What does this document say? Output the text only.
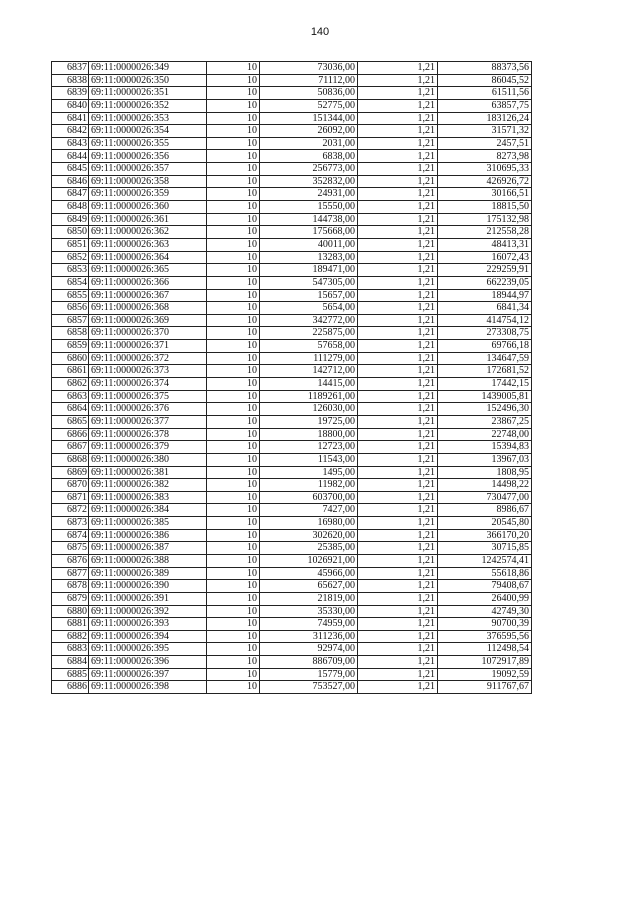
140
6837	69:11:0000026:349	10	73036,00	1,21	88373,56
6838	69:11:0000026:350	10	71112,00	1,21	86045,52
6839	69:11:0000026:351	10	50836,00	1,21	61511,56
6840	69:11:0000026:352	10	52775,00	1,21	63857,75
6841	69:11:0000026:353	10	151344,00	1,21	183126,24
6842	69:11:0000026:354	10	26092,00	1,21	31571,32
6843	69:11:0000026:355	10	2031,00	1,21	2457,51
6844	69:11:0000026:356	10	6838,00	1,21	8273,98
6845	69:11:0000026:357	10	256773,00	1,21	310695,33
6846	69:11:0000026:358	10	352832,00	1,21	426926,72
6847	69:11:0000026:359	10	24931,00	1,21	30166,51
6848	69:11:0000026:360	10	15550,00	1,21	18815,50
6849	69:11:0000026:361	10	144738,00	1,21	175132,98
6850	69:11:0000026:362	10	175668,00	1,21	212558,28
6851	69:11:0000026:363	10	40011,00	1,21	48413,31
6852	69:11:0000026:364	10	13283,00	1,21	16072,43
6853	69:11:0000026:365	10	189471,00	1,21	229259,91
6854	69:11:0000026:366	10	547305,00	1,21	662239,05
6855	69:11:0000026:367	10	15657,00	1,21	18944,97
6856	69:11:0000026:368	10	5654,00	1,21	6841,34
6857	69:11:0000026:369	10	342772,00	1,21	414754,12
6858	69:11:0000026:370	10	225875,00	1,21	273308,75
6859	69:11:0000026:371	10	57658,00	1,21	69766,18
6860	69:11:0000026:372	10	111279,00	1,21	134647,59
6861	69:11:0000026:373	10	142712,00	1,21	172681,52
6862	69:11:0000026:374	10	14415,00	1,21	17442,15
6863	69:11:0000026:375	10	1189261,00	1,21	1439005,81
6864	69:11:0000026:376	10	126030,00	1,21	152496,30
6865	69:11:0000026:377	10	19725,00	1,21	23867,25
6866	69:11:0000026:378	10	18800,00	1,21	22748,00
6867	69:11:0000026:379	10	12723,00	1,21	15394,83
6868	69:11:0000026:380	10	11543,00	1,21	13967,03
6869	69:11:0000026:381	10	1495,00	1,21	1808,95
6870	69:11:0000026:382	10	11982,00	1,21	14498,22
6871	69:11:0000026:383	10	603700,00	1,21	730477,00
6872	69:11:0000026:384	10	7427,00	1,21	8986,67
6873	69:11:0000026:385	10	16980,00	1,21	20545,80
6874	69:11:0000026:386	10	302620,00	1,21	366170,20
6875	69:11:0000026:387	10	25385,00	1,21	30715,85
6876	69:11:0000026:388	10	1026921,00	1,21	1242574,41
6877	69:11:0000026:389	10	45966,00	1,21	55618,86
6878	69:11:0000026:390	10	65627,00	1,21	79408,67
6879	69:11:0000026:391	10	21819,00	1,21	26400,99
6880	69:11:0000026:392	10	35330,00	1,21	42749,30
6881	69:11:0000026:393	10	74959,00	1,21	90700,39
6882	69:11:0000026:394	10	311236,00	1,21	376595,56
6883	69:11:0000026:395	10	92974,00	1,21	112498,54
6884	69:11:0000026:396	10	886709,00	1,21	1072917,89
6885	69:11:0000026:397	10	15779,00	1,21	19092,59
6886	69:11:0000026:398	10	753527,00	1,21	911767,67
